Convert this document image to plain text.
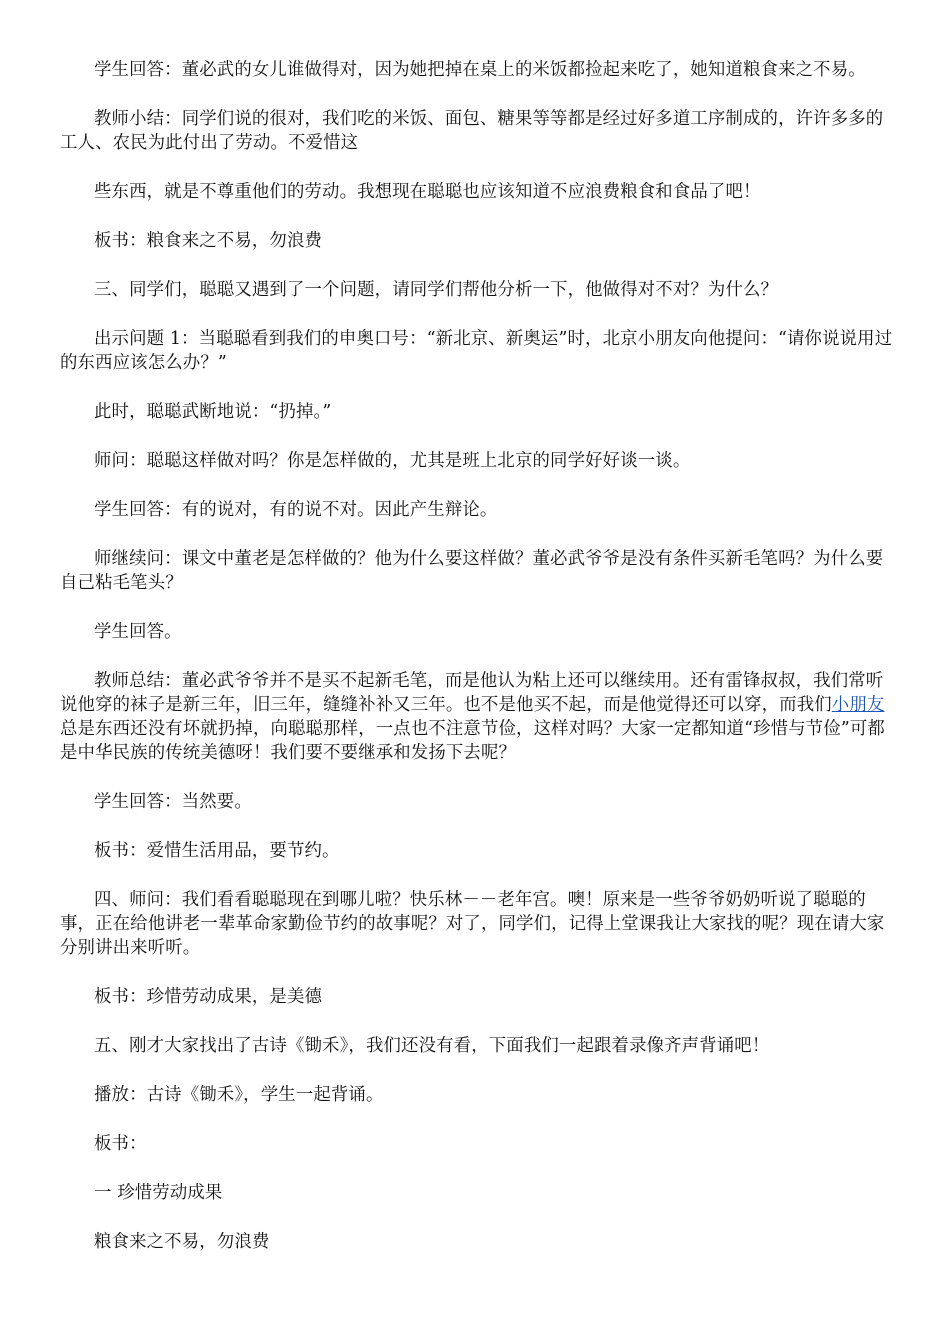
学生回答：董必武的女儿谁做得对，因为她把掉在桌上的米饭都捡起来吃了，她知道粮食来之不易。

教师小结：同学们说的很对，我们吃的米饭、面包、糖果等等都是经过好多道工序制成的，许许多多的工人、农民为此付出了劳动。不爱惜这

些东西，就是不尊重他们的劳动。我想现在聪聪也应该知道不应浪费粮食和食品了吧！

板书：粮食来之不易，勿浪费

三、同学们，聪聪又遇到了一个问题，请同学们帮他分析一下，他做得对不对？为什么？

出示问题 1：当聪聪看到我们的申奥口号：“新北京、新奥运”时，北京小朋友向他提问：“请你说说用过的东西应该怎么办？”

此时，聪聪武断地说：“扔掉。”

师问：聪聪这样做对吗？你是怎样做的，尤其是班上北京的同学好好谈一谈。

学生回答：有的说对，有的说不对。因此产生辩论。

师继续问：课文中董老是怎样做的？他为什么要这样做？董必武爷爷是没有条件买新毛笔吗？为什么要自己粘毛笔头？

学生回答。

教师总结：董必武爷爷并不是买不起新毛笔，而是他认为粘上还可以继续用。还有雷锋叔叔，我们常听说他穿的袜子是新三年，旧三年，缝缝补补又三年。也不是他买不起，而是他觉得还可以穿，而我们小朋友总是东西还没有坏就扔掉，向聪聪那样，一点也不注意节俭，这样对吗？大家一定都知道“珍惜与节俭”可都是中华民族的传统美德呀！我们要不要继承和发扬下去呢？

学生回答：当然要。

板书：爱惜生活用品，要节约。

四、师问：我们看看聪聪现在到哪儿啦？快乐林－－老年宫。噢！原来是一些爷爷奶奶听说了聪聪的事，正在给他讲老一辈革命家勤俭节约的故事呢？对了，同学们，记得上堂课我让大家找的呢？现在请大家分别讲出来听听。

板书：珍惜劳动成果，是美德

五、刚才大家找出了古诗《锄禾》，我们还没有看，下面我们一起跟着录像齐声背诵吧！

播放：古诗《锄禾》，学生一起背诵。

板书：

一 珍惜劳动成果

粮食来之不易，勿浪费
